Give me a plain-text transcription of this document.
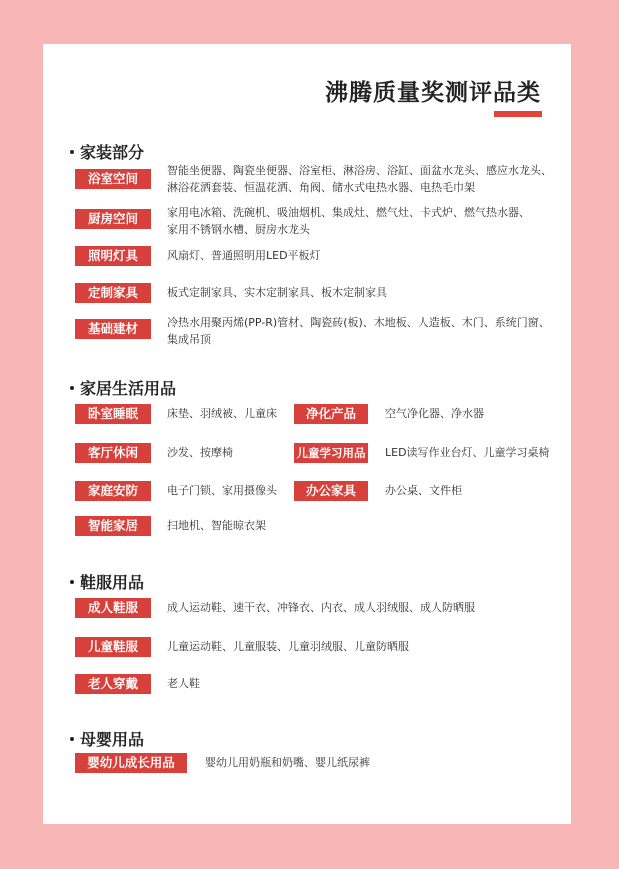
沸腾质量奖测评品类
家装部分
浴室空间
智能坐便器、陶瓷坐便器、浴室柜、淋浴房、浴缸、面盆水龙头、感应水龙头、
淋浴花洒套装、恒温花洒、角阀、储水式电热水器、电热毛巾架
厨房空间	家用电冰箱、洗碗机、吸油烟机、集成灶、燃气灶、卡式炉、燃气热水器、
家用不锈钢水槽、厨房水龙头
照明灯具	风扇灯、普通照明用LED平板灯
定制家具	板式定制家具、实木定制家具、板木定制家具
基础建材	冷热水用聚丙烯(PP-R)管材、陶瓷砖(板)、木地板、人造板、木门、系统门窗、
集成吊顶
家居生活用品
卧室睡眠	床垫、羽绒被、儿童床	净化产品	空气净化器、净水器
客厅休闲	沙发、按摩椅	儿童学习用品 LED读写作业台灯、儿童学习桌椅
家庭安防	电子门锁、家用摄像头	办公家具	办公桌、文件柜
智能家居	扫地机、智能晾衣架
鞋服用品
成人鞋服	成人运动鞋、速干衣、冲锋衣、内衣、成人羽绒服、成人防晒服
儿童鞋服	儿童运动鞋、儿童服装、儿童羽绒服、儿童防晒服
老人穿戴	老人鞋
母婴用品
婴幼儿成长用品	婴幼儿用奶瓶和奶嘴、婴儿纸尿裤
